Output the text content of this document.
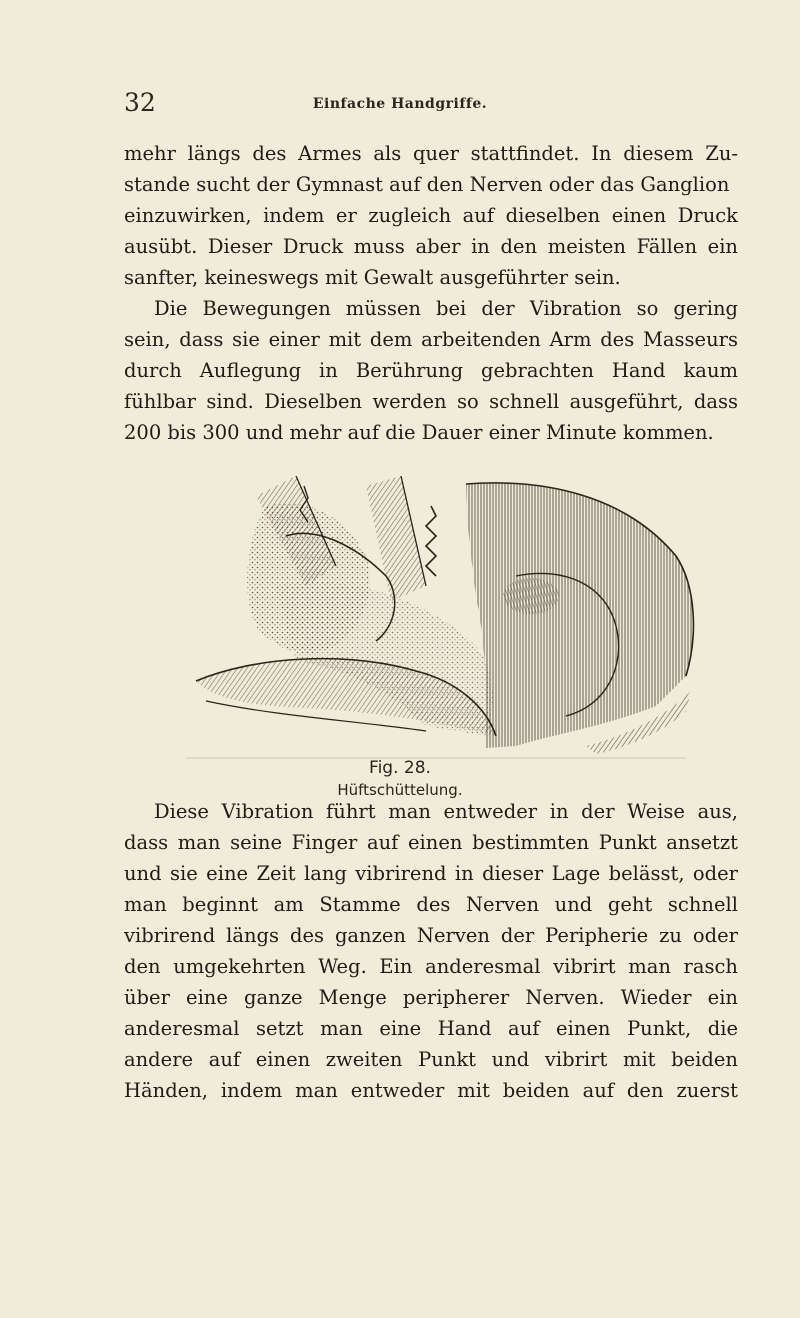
32	Einfache Handgriffe.
mehr längs des Armes als quer stattfindet. In diesem Zu-
stande sucht der Gymnast auf den Nerven oder das Ganglion
einzuwirken, indem er zugleich auf dieselben einen Druck
ausübt. Dieser Druck muss aber in den meisten Fällen ein
sanfter, keineswegs mit Gewalt ausgeführter sein.
Die Bewegungen müssen bei der Vibration so gering
sein, dass sie einer mit dem arbeitenden Arm des Masseurs
durch Auflegung in Berührung gebrachten Hand kaum
fühlbar sind. Dieselben werden so schnell ausgeführt, dass
200 bis 300 und mehr auf die Dauer einer Minute kommen.
Fig. 28.
Hüftschüttelung.
Diese Vibration führt man entweder in der Weise aus,
dass man seine Finger auf einen bestimmten Punkt ansetzt
und sie eine Zeit lang vibrirend in dieser Lage belässt, oder
man beginnt am Stamme des Nerven und geht schnell
vibrirend längs des ganzen Nerven der Peripherie zu oder
den umgekehrten Weg. Ein anderesmal vibrirt man rasch
über eine ganze Menge peripherer Nerven. Wieder ein
anderesmal setzt man eine Hand auf einen Punkt, die
andere auf einen zweiten Punkt und vibrirt mit beiden
Händen, indem man entweder mit beiden auf den zuerst
